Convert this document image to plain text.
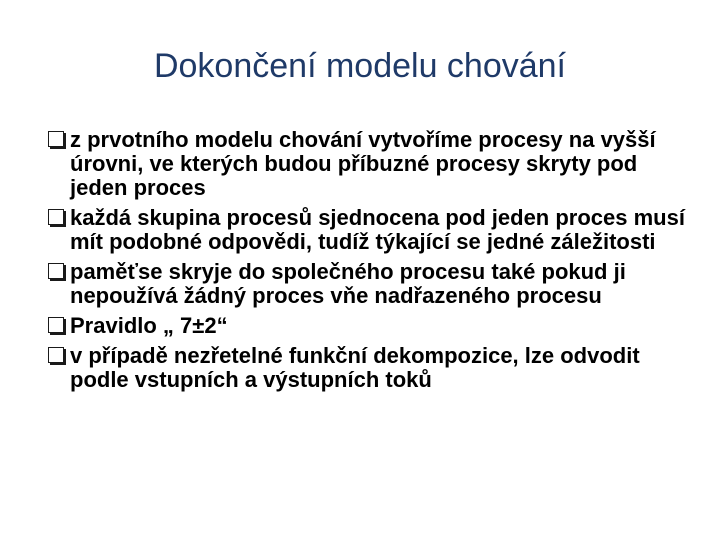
Dokončení modelu chování
z prvotního modelu chování vytvoříme procesy na vyšší úrovni, ve kterých budou příbuzné procesy skryty pod jeden proces
každá skupina procesů sjednocena pod jeden proces musí mít podobné odpovědi, tudíž týkající se jedné záležitosti
paměťse skryje do společného procesu také pokud ji nepoužívá žádný proces vňe nadřazeného procesu
Pravidlo „ 7±2“
v případě nezřetelné funkční dekompozice, lze odvodit podle vstupních a výstupních toků
